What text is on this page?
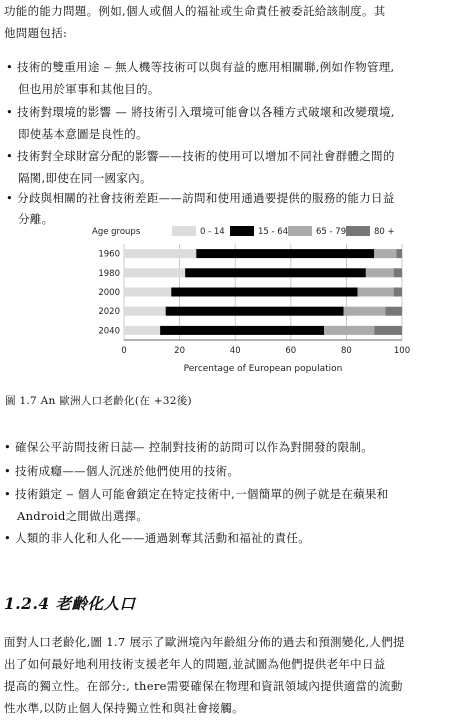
功能的能力問題。例如,個人或個人的福祉或生命責任被委託給該制度。其
他問題包括:
• 技術的雙重用途 ‒ 無人機等技術可以與有益的應用相關聯,例如作物管理,
但也用於軍事和其他目的。
• 技術對環境的影響 — 將技術引入環境可能會以各種方式破壞和改變環境,
即使基本意圖是良性的。
• 技術對全球財富分配的影響——技術的使用可以增加不同社會群體之間的
隔閡,即使在同一國家內。
• 分歧與相關的社會技術差距——訪問和使用通過要提供的服務的能力日益
分離。
Age groups	0 - 14	15 - 64	65 - 79	80 +
1960
1980
2000
2020
2040
0	20	40	60	80	100
Percentage of European population
圖 1.7 An 歐洲人口老齡化(在 +32後)
• 確保公平訪問技術日誌— 控制對技術的訪問可以作為對開發的限制。
• 技術成癮——個人沉迷於他們使用的技術。
• 技術鎖定 ‒ 個人可能會鎖定在特定技術中,一個簡單的例子就是在蘋果和
Android之間做出選擇。
• 人類的非人化和人化——通過剝奪其活動和福祉的責任。
1.2.4 老齡化人口
面對人口老齡化,圖 1.7 展示了歐洲境內年齡組分佈的過去和預測變化,人們提
出了如何最好地利用技術支援老年人的問題,並試圖為他們提供老年中日益
提高的獨立性。在部分:, there需要確保在物理和資訊領域內提供適當的流動
性水準,以防止個人保持獨立性和與社會接觸。
